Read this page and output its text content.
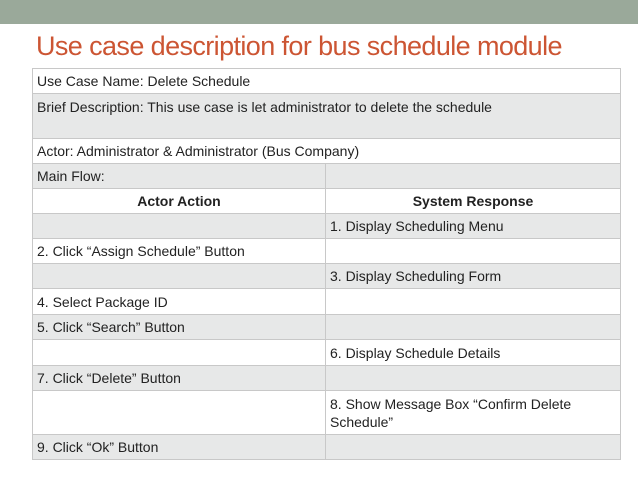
Use case description for bus schedule module
Use Case Name: Delete Schedule	
Brief Description: This use case is let administrator to delete the schedule	
Actor: Administrator & Administrator (Bus Company)	
Main Flow:	
Actor Action	System Response
	1. Display Scheduling Menu
2. Click “Assign Schedule” Button	
	3. Display Scheduling Form
4. Select Package ID	
5. Click “Search” Button	
	6. Display Schedule Details
7. Click “Delete” Button	
	8. Show Message Box “Confirm Delete Schedule”
9. Click “Ok” Button	
